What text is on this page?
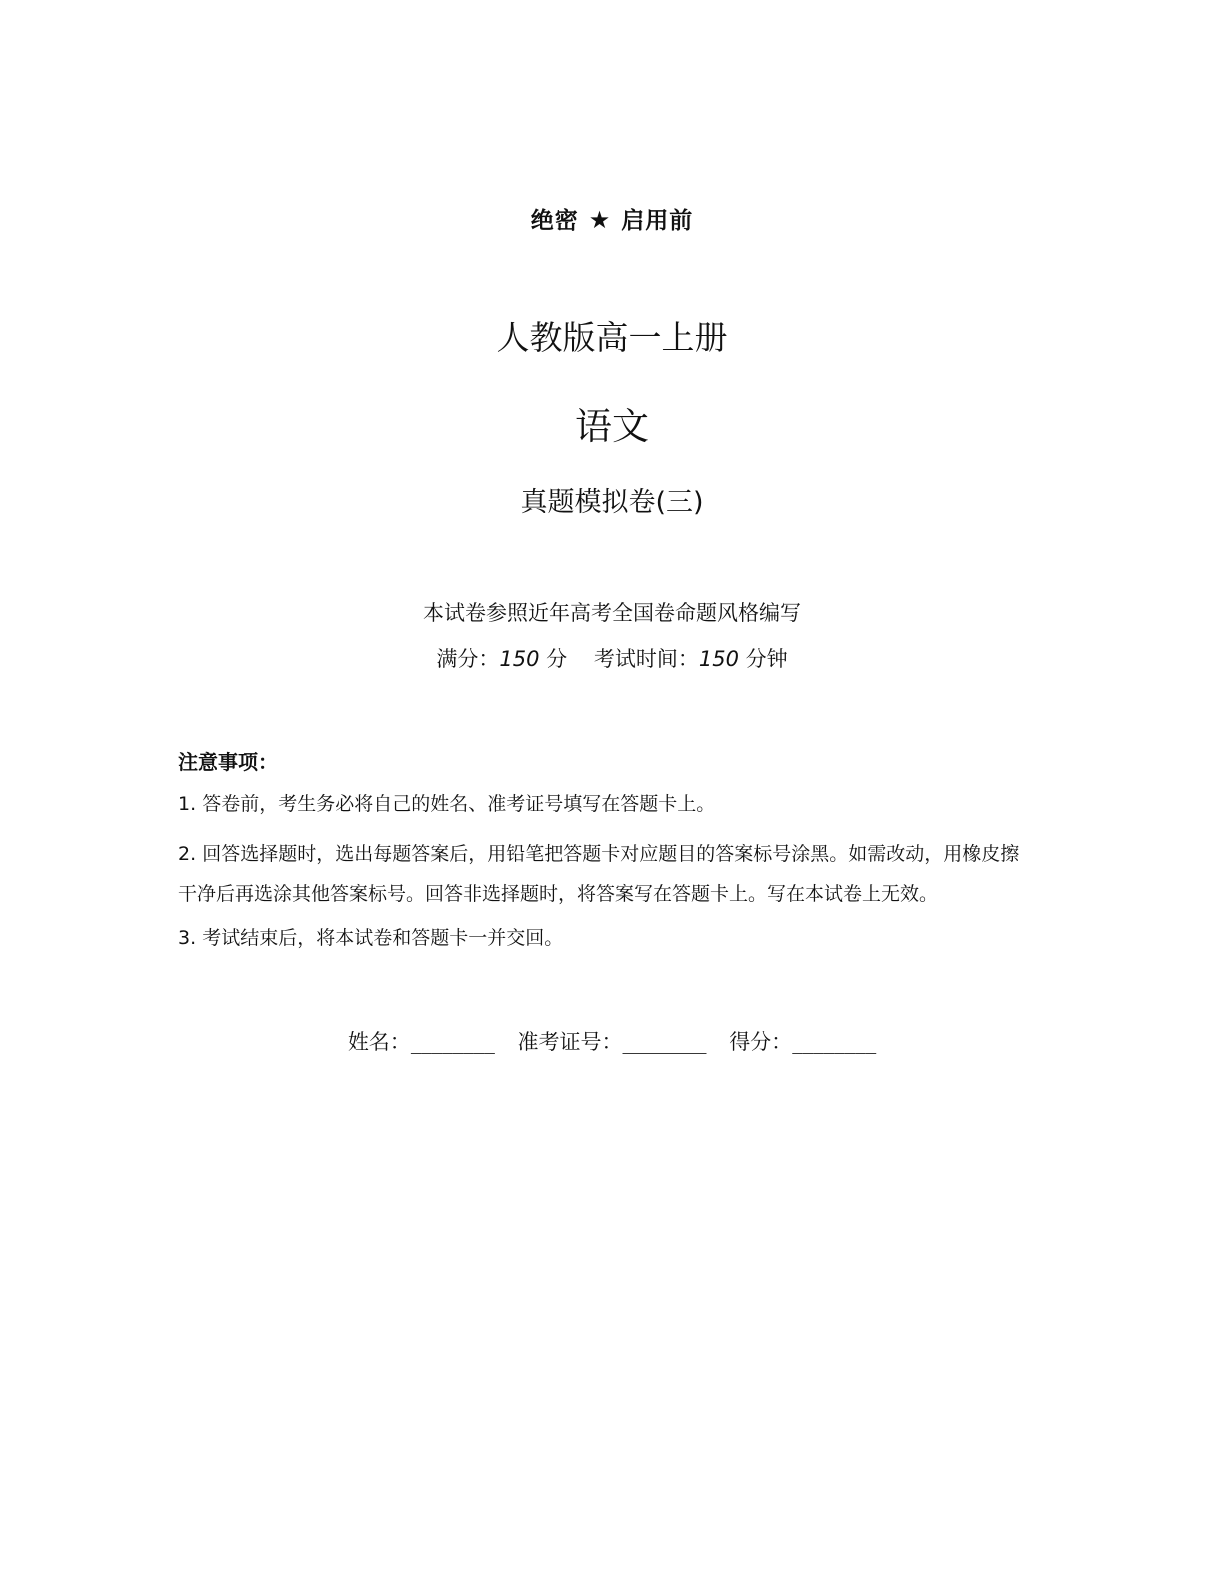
绝密 ★ 启用前
人教版高一上册
语文
真题模拟卷(三)
本试卷参照近年高考全国卷命题风格编写
满分：150 分 考试时间：150 分钟
注意事项：
1. 答卷前，考生务必将自己的姓名、准考证号填写在答题卡上。
2. 回答选择题时，选出每题答案后，用铅笔把答题卡对应题目的答案标号涂黑。如需改动，用橡皮擦干净后再选涂其他答案标号。回答非选择题时，将答案写在答题卡上。写在本试卷上无效。
3. 考试结束后，将本试卷和答题卡一并交回。
姓名：________ 准考证号：________ 得分：________
